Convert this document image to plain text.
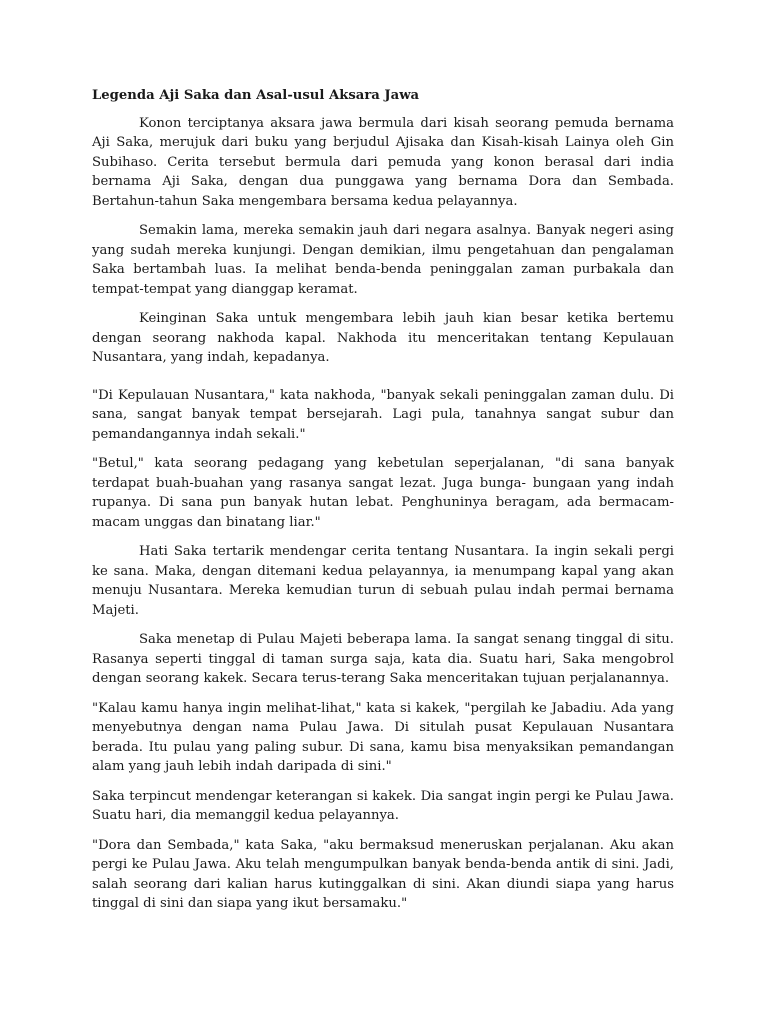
Legenda Aji Saka dan Asal-usul Aksara Jawa

Konon terciptanya aksara jawa bermula dari kisah seorang pemuda bernama Aji Saka, merujuk dari buku yang berjudul Ajisaka dan Kisah-kisah Lainya oleh Gin Subihaso. Cerita tersebut bermula dari pemuda yang konon berasal dari india bernama Aji Saka, dengan dua punggawa yang bernama Dora dan Sembada. Bertahun-tahun Saka mengembara bersama kedua pelayannya.

Semakin lama, mereka semakin jauh dari negara asalnya. Banyak negeri asing yang sudah mereka kunjungi. Dengan demikian, ilmu pengetahuan dan pengalaman Saka bertambah luas. Ia melihat benda-benda peninggalan zaman purbakala dan tempat-tempat yang dianggap keramat.

Keinginan Saka untuk mengembara lebih jauh kian besar ketika bertemu dengan seorang nakhoda kapal. Nakhoda itu menceritakan tentang Kepulauan Nusantara, yang indah, kepadanya.

"Di Kepulauan Nusantara," kata nakhoda, "banyak sekali peninggalan zaman dulu. Di sana, sangat banyak tempat bersejarah. Lagi pula, tanahnya sangat subur dan pemandangannya indah sekali."

"Betul," kata seorang pedagang yang kebetulan seperjalanan, "di sana banyak terdapat buah-buahan yang rasanya sangat lezat. Juga bunga- bungaan yang indah rupanya. Di sana pun banyak hutan lebat. Penghuninya beragam, ada bermacam-macam unggas dan binatang liar."

Hati Saka tertarik mendengar cerita tentang Nusantara. Ia ingin sekali pergi ke sana. Maka, dengan ditemani kedua pelayannya, ia menumpang kapal yang akan menuju Nusantara. Mereka kemudian turun di sebuah pulau indah permai bernama Majeti.

Saka menetap di Pulau Majeti beberapa lama. Ia sangat senang tinggal di situ. Rasanya seperti tinggal di taman surga saja, kata dia. Suatu hari, Saka mengobrol dengan seorang kakek. Secara terus-terang Saka menceritakan tujuan perjalanannya.

"Kalau kamu hanya ingin melihat-lihat," kata si kakek, "pergilah ke Jabadiu. Ada yang menyebutnya dengan nama Pulau Jawa. Di situlah pusat Kepulauan Nusantara berada. Itu pulau yang paling subur. Di sana, kamu bisa menyaksikan pemandangan alam yang jauh lebih indah daripada di sini."

Saka terpincut mendengar keterangan si kakek. Dia sangat ingin pergi ke Pulau Jawa. Suatu hari, dia memanggil kedua pelayannya.

"Dora dan Sembada," kata Saka, "aku bermaksud meneruskan perjalanan. Aku akan pergi ke Pulau Jawa. Aku telah mengumpulkan banyak benda-benda antik di sini. Jadi, salah seorang dari kalian harus kutinggalkan di sini. Akan diundi siapa yang harus tinggal di sini dan siapa yang ikut bersamaku."
